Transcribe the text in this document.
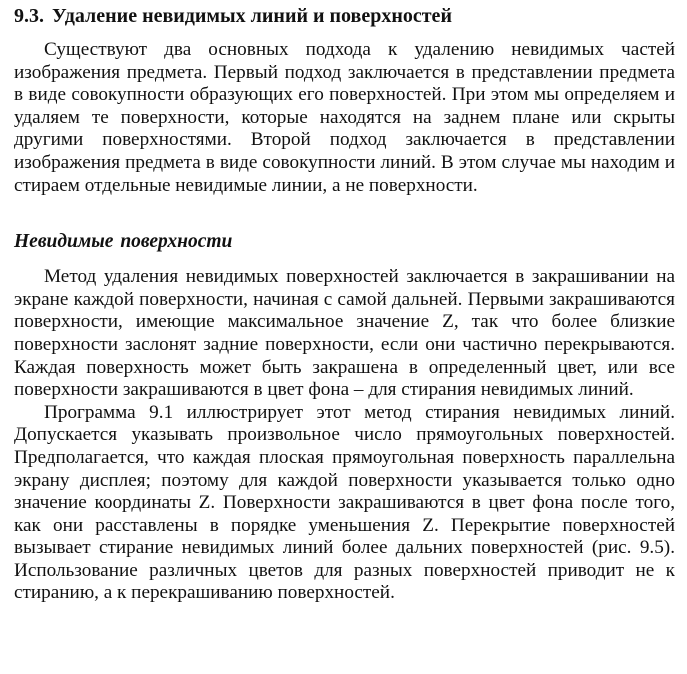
9.3. Удаление невидимых линий и поверхностей

Существуют два основных подхода к удалению невидимых частей изображения предмета. Первый подход заключается в представлении предмета в виде совокупности образующих его поверхностей. При этом мы определяем и удаляем те поверхности, которые находятся на заднем плане или скрыты другими поверхностями. Второй подход заключается в представлении изображения предмета в виде совокупности линий. В этом случае мы находим и стираем отдельные невидимые линии, а не поверхности.

Невидимые поверхности

Метод удаления невидимых поверхностей заключается в закрашивании на экране каждой поверхности, начиная с самой дальней. Первыми закрашиваются поверхности, имеющие максимальное значение Z, так что более близкие поверхности заслонят задние поверхности, если они частично перекрываются. Каждая поверхность может быть закрашена в определенный цвет, или все поверхности закрашиваются в цвет фона – для стирания невидимых линий.

Программа 9.1 иллюстрирует этот метод стирания невидимых линий. Допускается указывать произвольное число прямоугольных поверхностей. Предполагается, что каждая плоская прямоугольная поверхность параллельна экрану дисплея; поэтому для каждой поверхности указывается только одно значение координаты Z. Поверхности закрашиваются в цвет фона после того, как они расставлены в порядке уменьшения Z. Перекрытие поверхностей вызывает стирание невидимых линий более дальних поверхностей (рис. 9.5). Использование различных цветов для разных поверхностей приводит не к стиранию, а к перекрашиванию поверхностей.
